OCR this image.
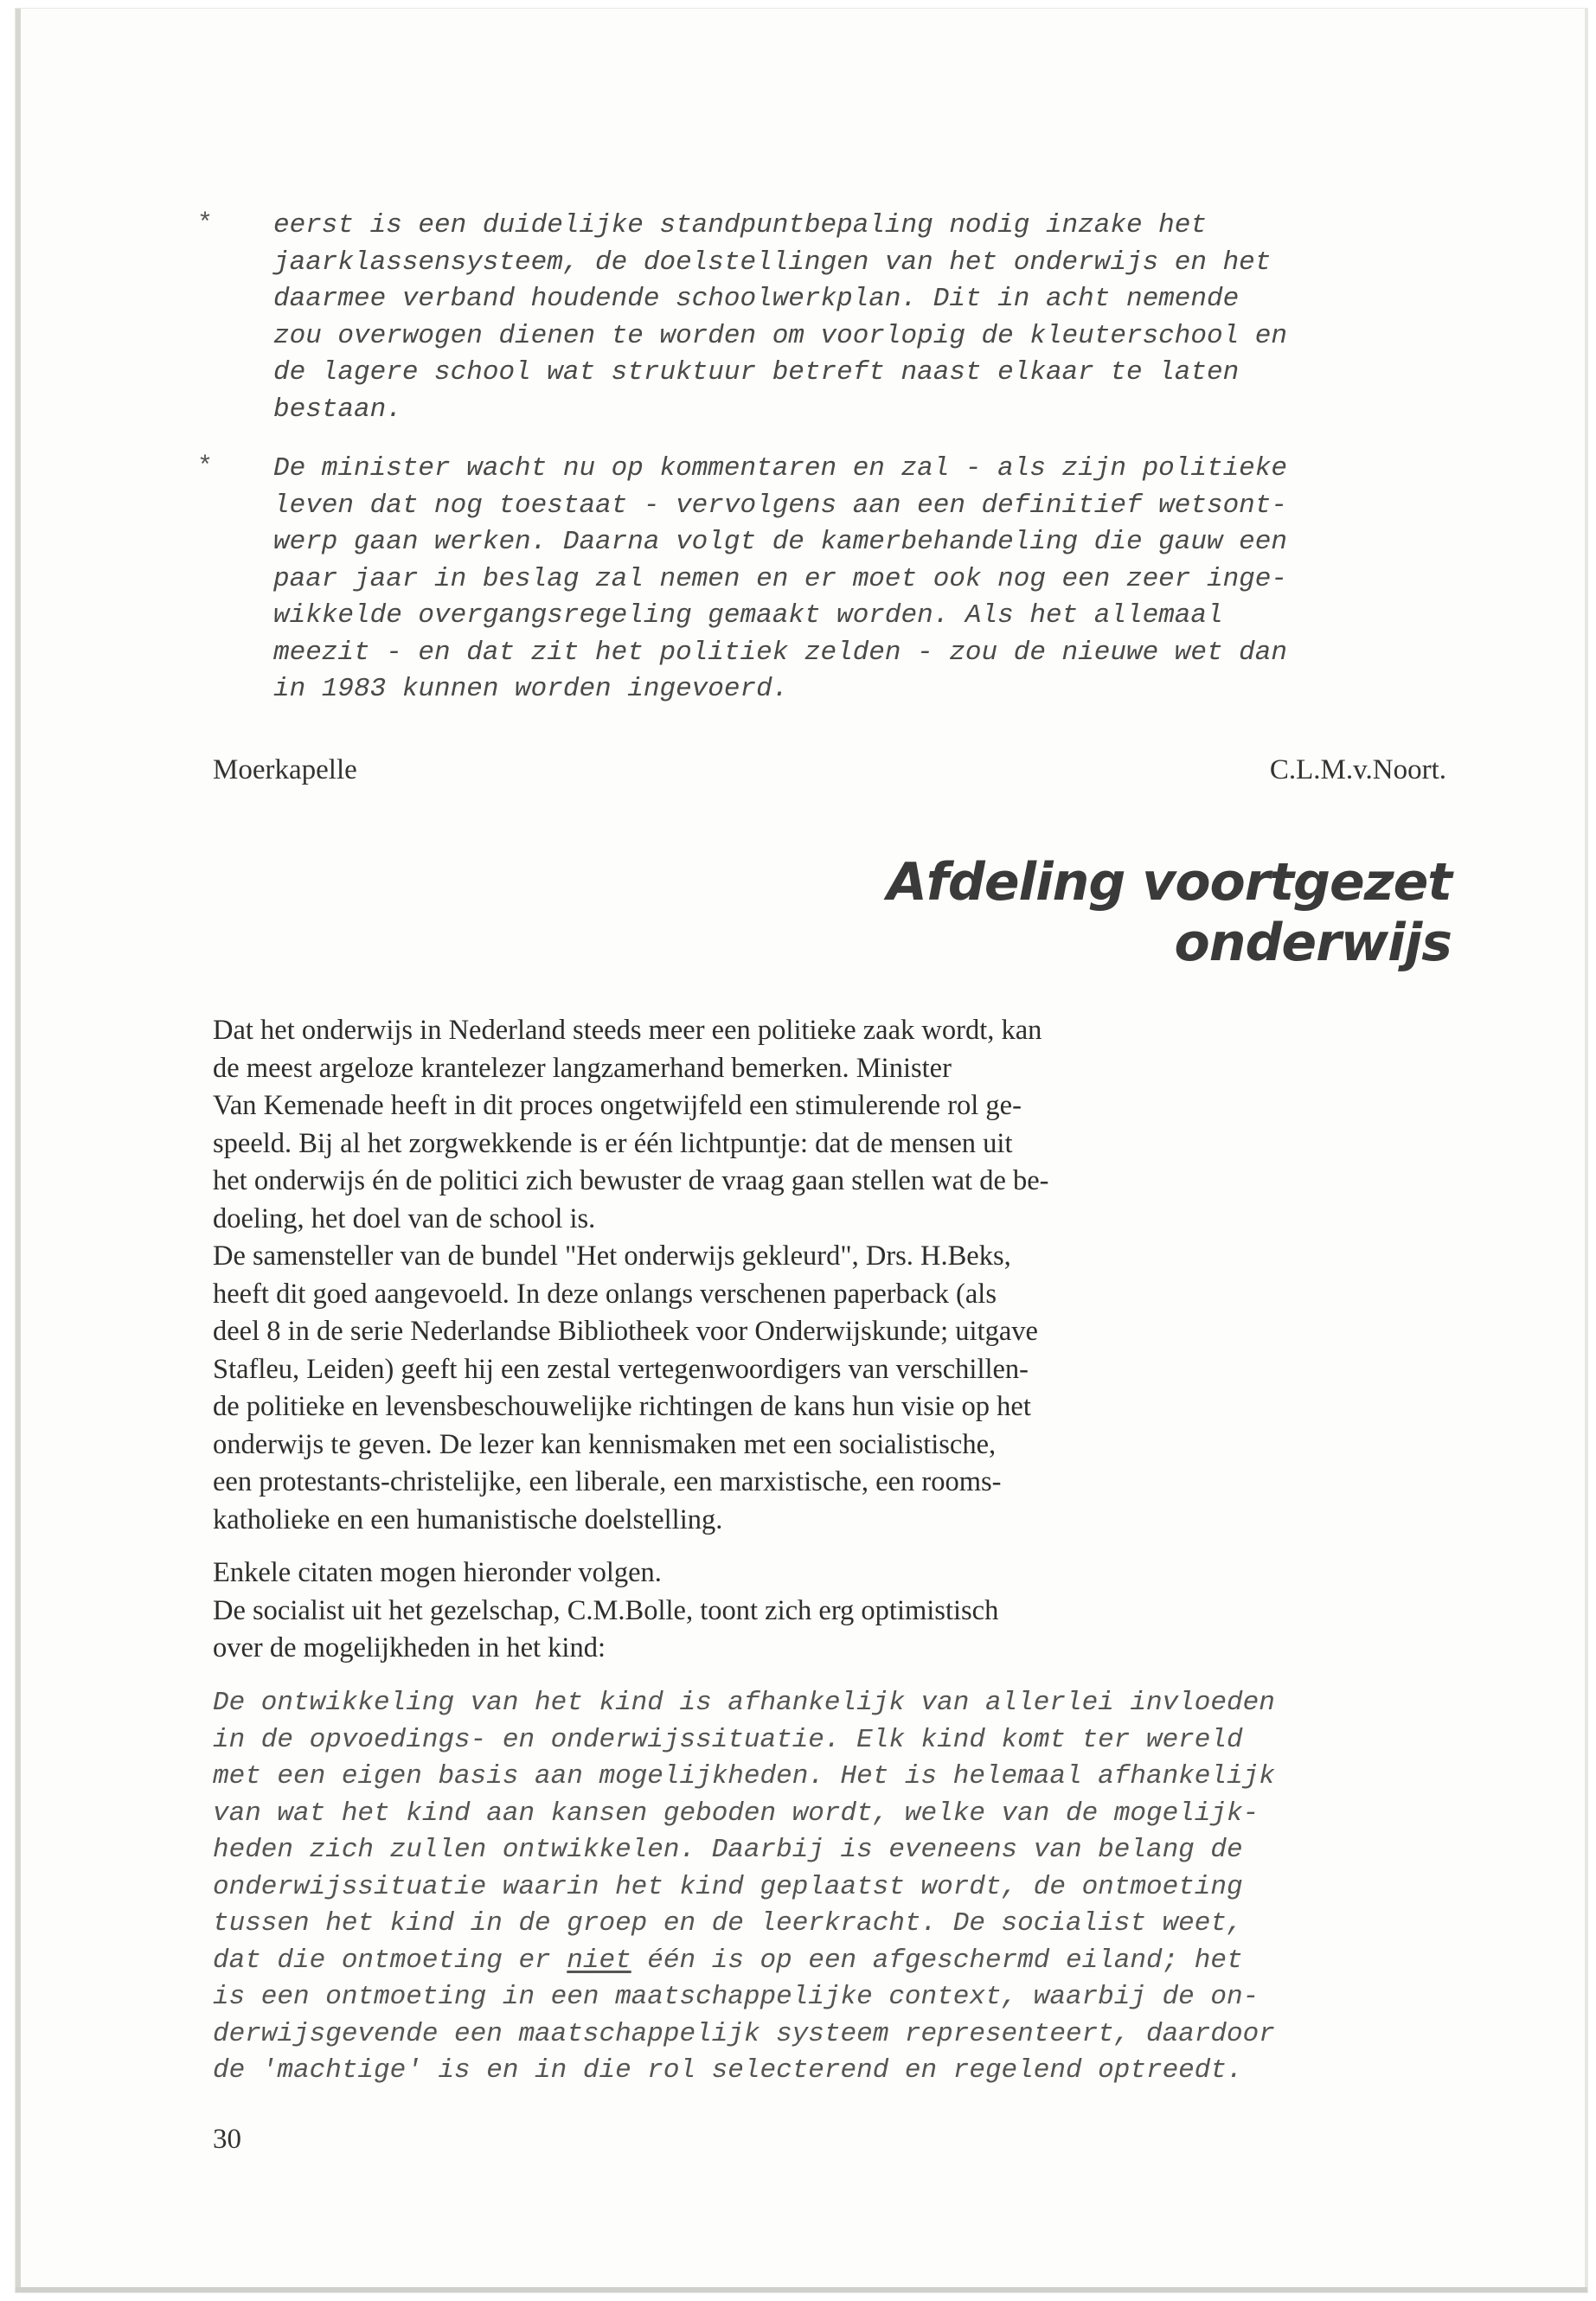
* eerst is een duidelijke standpuntbepaling nodig inzake het
jaarklassensysteem, de doelstellingen van het onderwijs en het
daarmee verband houdende schoolwerkplan. Dit in acht nemende
zou overwogen dienen te worden om voorlopig de kleuterschool en
de lagere school wat struktuur betreft naast elkaar te laten
bestaan.
* De minister wacht nu op kommentaren en zal - als zijn politieke
leven dat nog toestaat - vervolgens aan een definitief wetsont-
werp gaan werken. Daarna volgt de kamerbehandeling die gauw een
paar jaar in beslag zal nemen en er moet ook nog een zeer inge-
wikkelde overgangsregeling gemaakt worden. Als het allemaal
meezit - en dat zit het politiek zelden - zou de nieuwe wet dan
in 1983 kunnen worden ingevoerd.
Moerkapelle	C.L.M.v.Noort.
Afdeling voortgezet onderwijs
Dat het onderwijs in Nederland steeds meer een politieke zaak wordt, kan
de meest argeloze krantelezer langzamerhand bemerken. Minister
Van Kemenade heeft in dit proces ongetwijfeld een stimulerende rol ge-
speeld. Bij al het zorgwekkende is er één lichtpuntje: dat de mensen uit
het onderwijs én de politici zich bewuster de vraag gaan stellen wat de be-
doeling, het doel van de school is.
De samensteller van de bundel "Het onderwijs gekleurd", Drs. H.Beks,
heeft dit goed aangevoeld. In deze onlangs verschenen paperback (als
deel 8 in de serie Nederlandse Bibliotheek voor Onderwijskunde; uitgave
Stafleu, Leiden) geeft hij een zestal vertegenwoordigers van verschillen-
de politieke en levensbeschouwelijke richtingen de kans hun visie op het
onderwijs te geven. De lezer kan kennismaken met een socialistische,
een protestants-christelijke, een liberale, een marxistische, een rooms-
katholieke en een humanistische doelstelling.
Enkele citaten mogen hieronder volgen.
De socialist uit het gezelschap, C.M.Bolle, toont zich erg optimistisch
over de mogelijkheden in het kind:
De ontwikkeling van het kind is afhankelijk van allerlei invloeden
in de opvoedings- en onderwijssituatie. Elk kind komt ter wereld
met een eigen basis aan mogelijkheden. Het is helemaal afhankelijk
van wat het kind aan kansen geboden wordt, welke van de mogelijk-
heden zich zullen ontwikkelen. Daarbij is eveneens van belang de
onderwijssituatie waarin het kind geplaatst wordt, de ontmoeting
tussen het kind in de groep en de leerkracht. De socialist weet,
dat die ontmoeting er niet één is op een afgeschermd eiland; het
is een ontmoeting in een maatschappelijke context, waarbij de on-
derwijsgevende een maatschappelijk systeem representeert, daardoor
de 'machtige' is en in die rol selecterend en regelend optreedt.

30
